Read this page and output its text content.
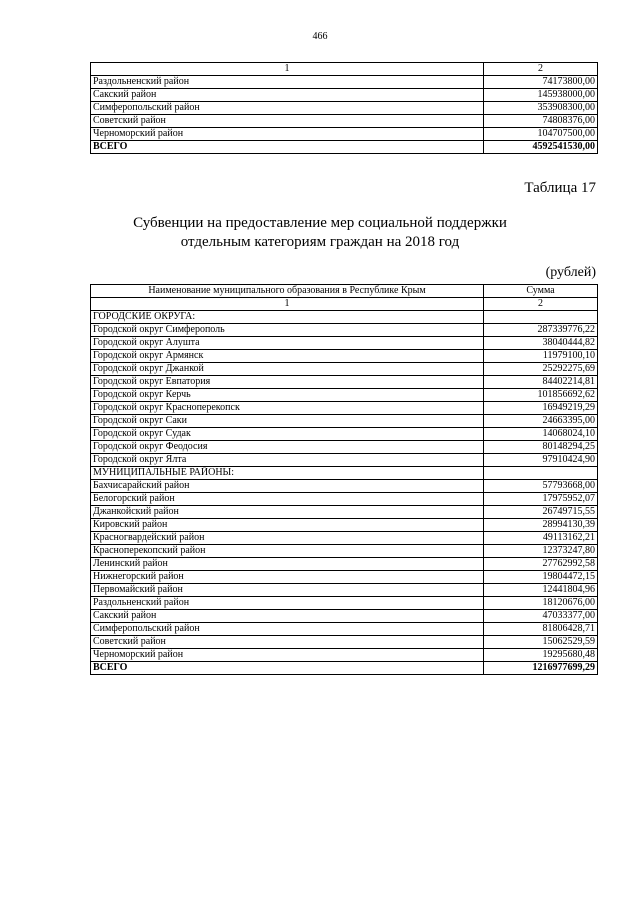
466
1	2
Раздольненский район	74173800,00
Сакский район	145938000,00
Симферопольский район	353908300,00
Советский район	74808376,00
Черноморский район	104707500,00
ВСЕГО	4592541530,00
Таблица 17
Субвенции на предоставление мер социальной поддержки
отдельным категориям граждан на 2018 год
(рублей)
Наименование муниципального образования в Республике Крым	Сумма
1	2
ГОРОДСКИЕ ОКРУГА:	
Городской округ Симферополь	287339776,22
Городской округ Алушта	38040444,82
Городской округ Армянск	11979100,10
Городской округ Джанкой	25292275,69
Городской округ Евпатория	84402214,81
Городской округ Керчь	101856692,62
Городской округ Красноперекопск	16949219,29
Городской округ Саки	24663395,00
Городской округ Судак	14068024,10
Городской округ Феодосия	80148294,25
Городской округ Ялта	97910424,90
МУНИЦИПАЛЬНЫЕ РАЙОНЫ:	
Бахчисарайский район	57793668,00
Белогорский район	17975952,07
Джанкойский район	26749715,55
Кировский район	28994130,39
Красногвардейский район	49113162,21
Красноперекопский район	12373247,80
Ленинский район	27762992,58
Нижнегорский район	19804472,15
Первомайский район	12441804,96
Раздольненский район	18120676,00
Сакский район	47033377,00
Симферопольский район	81806428,71
Советский район	15062529,59
Черноморский район	19295680,48
ВСЕГО	1216977699,29
